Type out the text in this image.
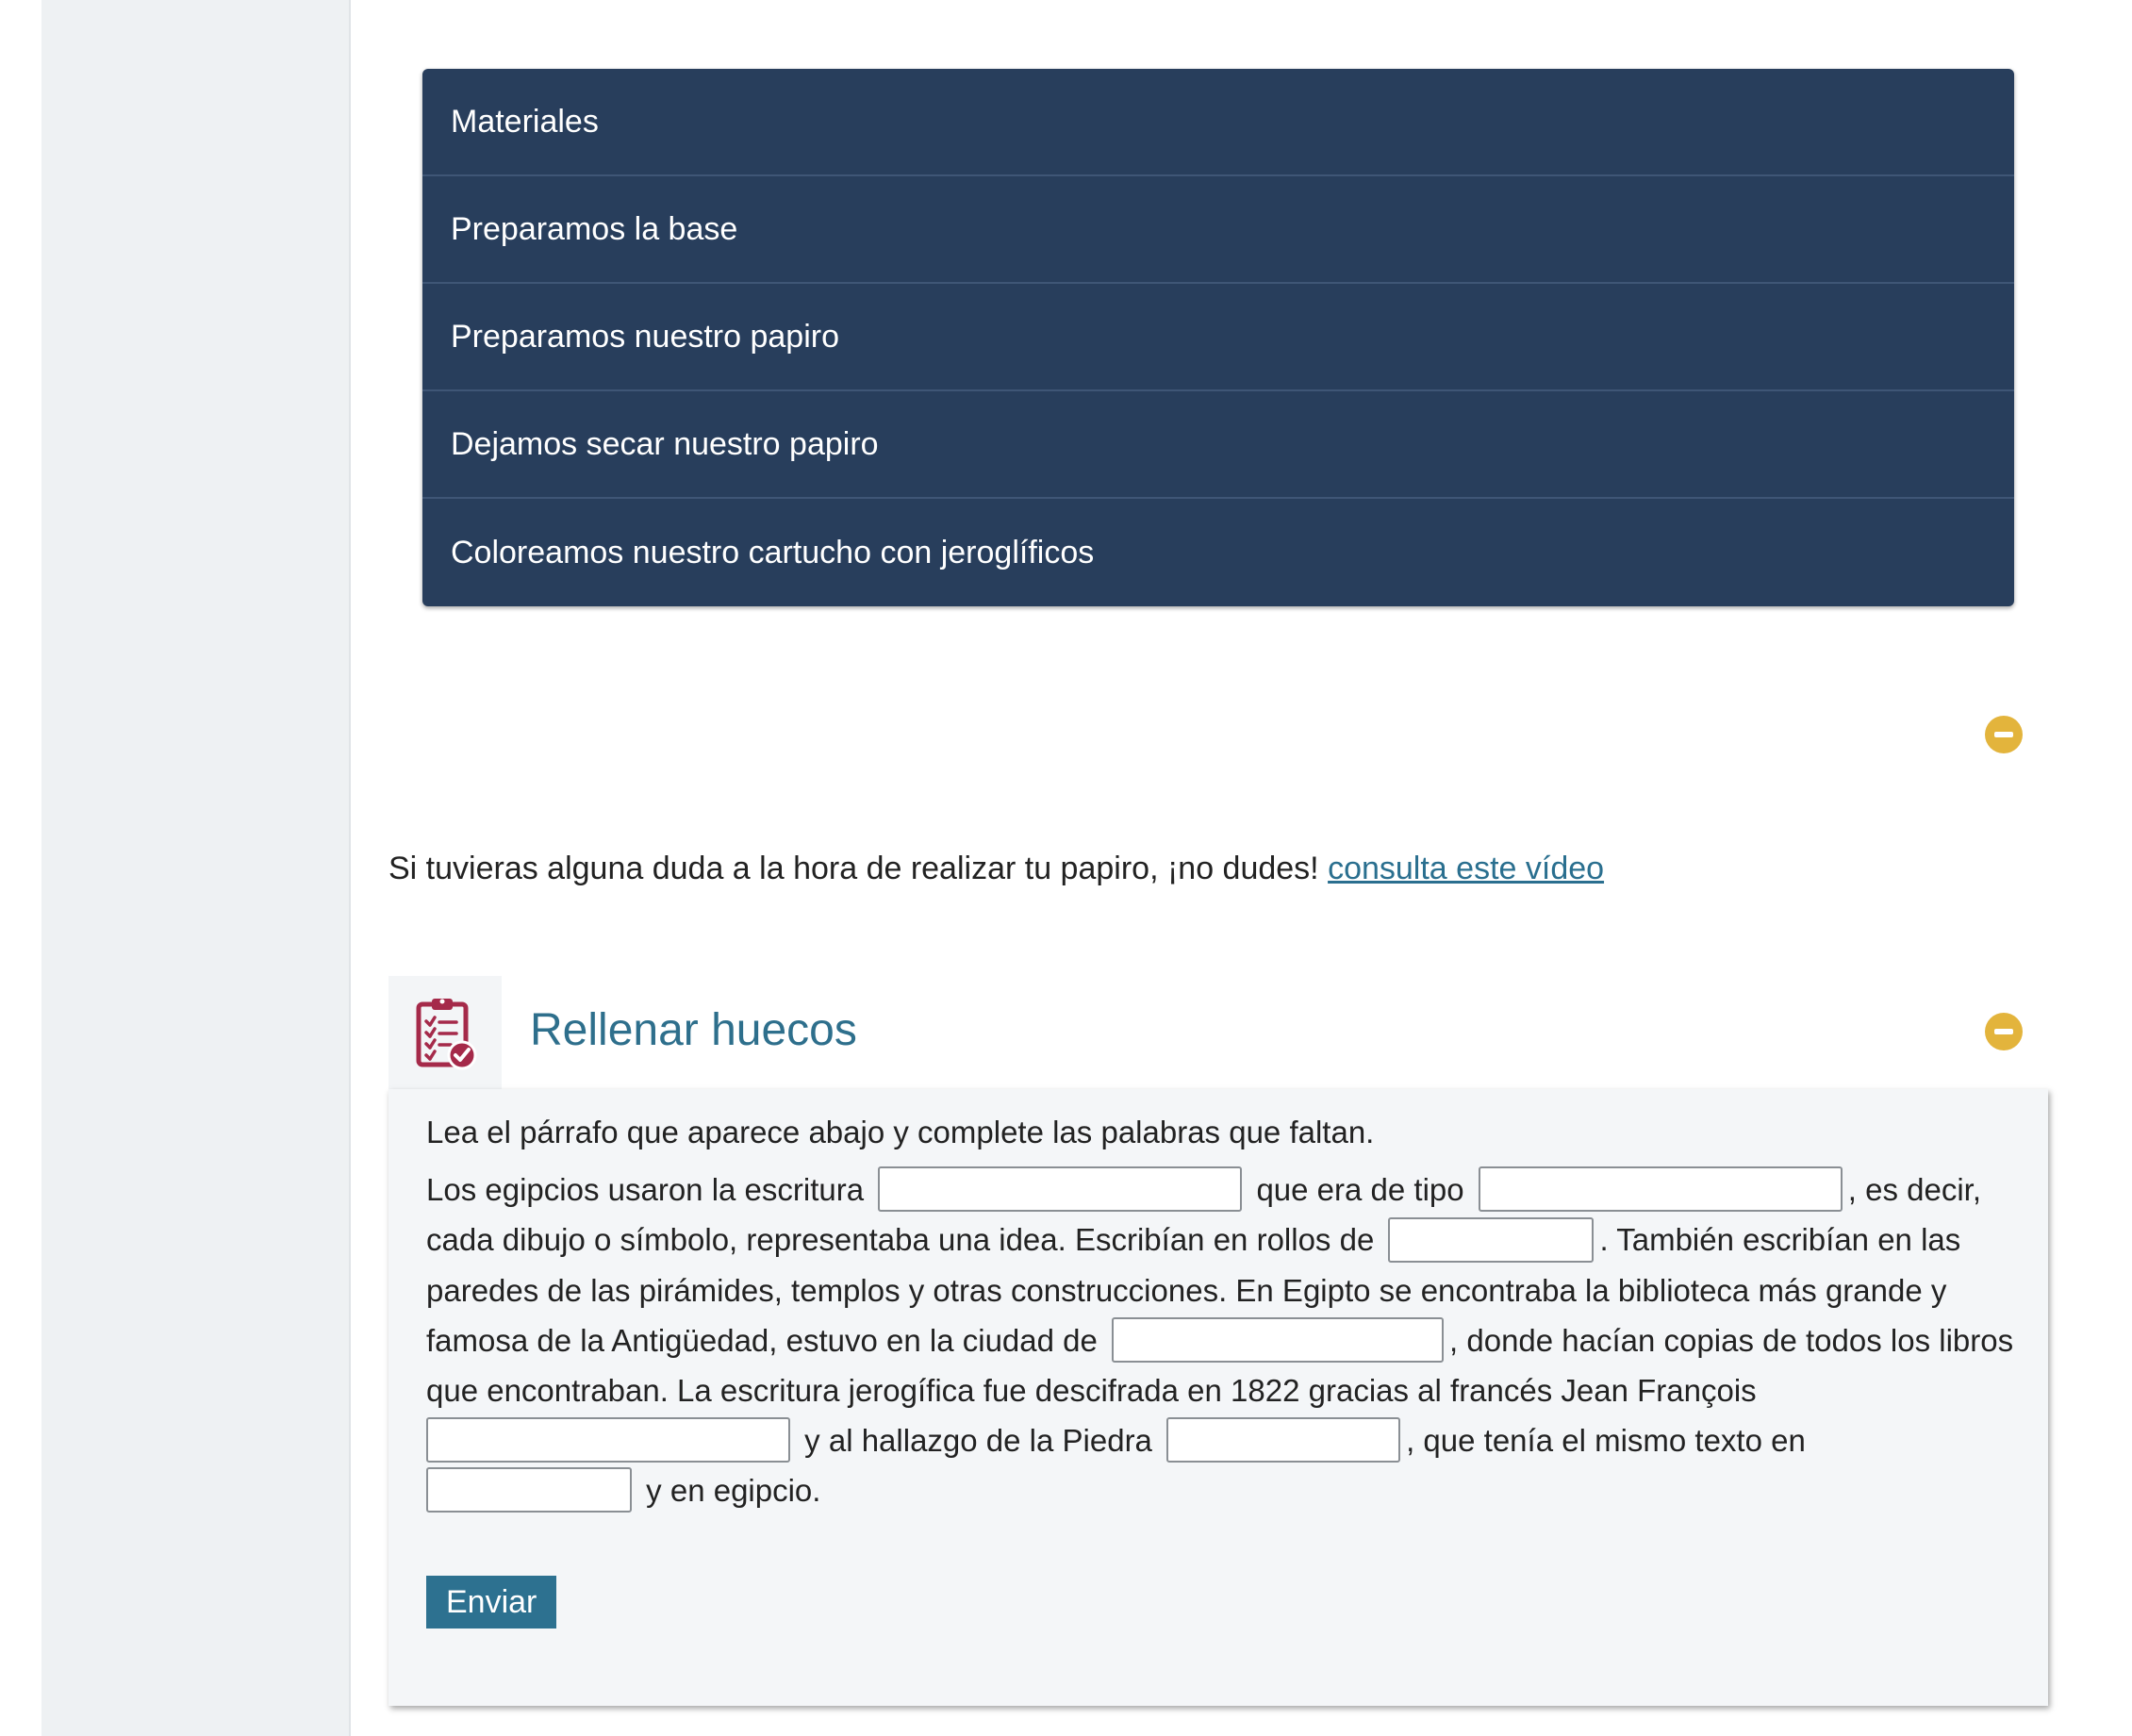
Materiales
Preparamos la base
Preparamos nuestro papiro
Dejamos secar nuestro papiro
Coloreamos nuestro cartucho con jeroglíficos
Si tuvieras alguna duda a la hora de realizar tu papiro, ¡no dudes! consulta este vídeo
Rellenar huecos
Lea el párrafo que aparece abajo y complete las palabras que faltan.
Los egipcios usaron la escritura	que era de tipo	, es decir, cada dibujo o símbolo, representaba una idea. Escribían en rollos de	. También escribían en las paredes de las pirámides, templos y otras construcciones. En Egipto se encontraba la biblioteca más grande y famosa de la Antigüedad, estuvo en la ciudad de	, donde hacían copias de todos los libros que encontraban. La escritura jerogífica fue descifrada en 1822 gracias al francés Jean François  y al hallazgo de la Piedra	, que tenía el mismo texto en  y en egipcio.
Enviar
